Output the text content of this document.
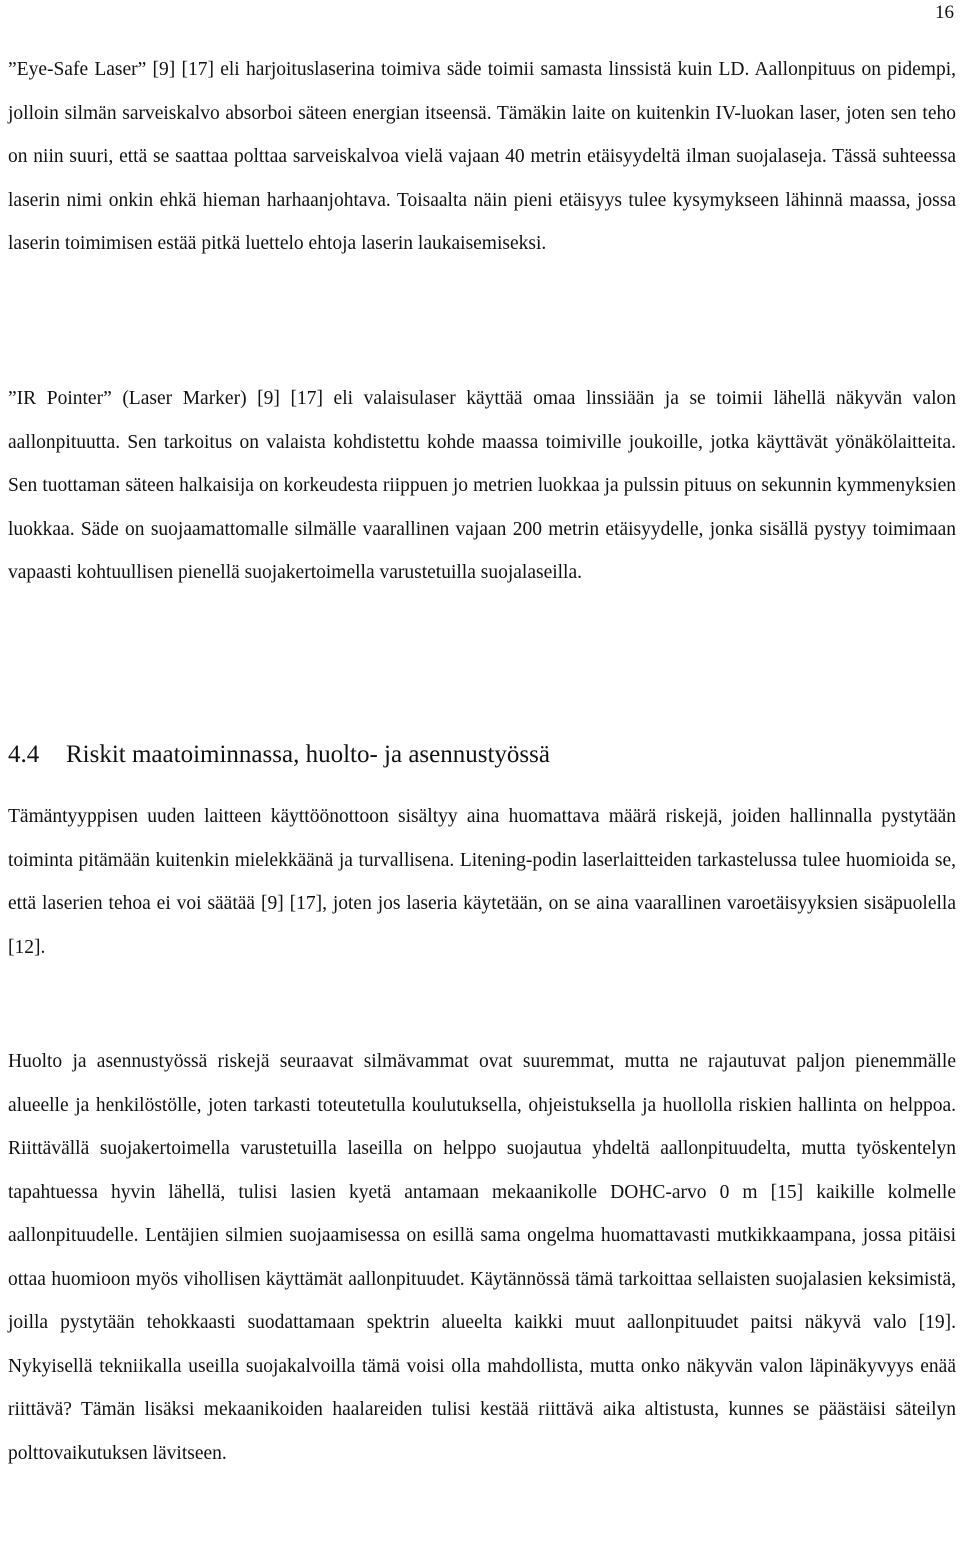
16

”Eye-Safe Laser” [9] [17] eli harjoituslaserina toimiva säde toimii samasta linssistä kuin LD. Aallonpituus on pidempi, jolloin silmän sarveiskalvo absorboi säteen energian itseensä. Tämäkin laite on kuitenkin IV-luokan laser, joten sen teho on niin suuri, että se saattaa polttaa sarveiskalvoa vielä vajaan 40 metrin etäisyydeltä ilman suojalaseja. Tässä suhteessa laserin nimi onkin ehkä hieman harhaanjohtava. Toisaalta näin pieni etäisyys tulee kysymykseen lähinnä maassa, jossa laserin toimimisen estää pitkä luettelo ehtoja laserin laukaisemiseksi.

”IR Pointer” (Laser Marker) [9] [17] eli valaisulaser käyttää omaa linssiään ja se toimii lähellä näkyvän valon aallonpituutta. Sen tarkoitus on valaista kohdistettu kohde maassa toimiville joukoille, jotka käyttävät yönäkölaitteita. Sen tuottaman säteen halkaisija on korkeudesta riippuen jo metrien luokkaa ja pulssin pituus on sekunnin kymmenyksien luokkaa. Säde on suojaamattomalle silmälle vaarallinen vajaan 200 metrin etäisyydelle, jonka sisällä pystyy toimimaan vapaasti kohtuullisen pienellä suojakertoimella varustetuilla suojalaseilla.

4.4 Riskit maatoiminnassa, huolto- ja asennustyössä

Tämäntyyppisen uuden laitteen käyttöönottoon sisältyy aina huomattava määrä riskejä, joiden hallinnalla pystytään toiminta pitämään kuitenkin mielekkäänä ja turvallisena. Litening-podin laserlaitteiden tarkastelussa tulee huomioida se, että laserien tehoa ei voi säätää [9] [17], joten jos laseria käytetään, on se aina vaarallinen varoetäisyyksien sisäpuolella [12].

Huolto ja asennustyössä riskejä seuraavat silmävammat ovat suuremmat, mutta ne rajautuvat paljon pienemmälle alueelle ja henkilöstölle, joten tarkasti toteutetulla koulutuksella, ohjeistuksella ja huollolla riskien hallinta on helppoa. Riittävällä suojakertoimella varustetuilla laseilla on helppo suojautua yhdeltä aallonpituudelta, mutta työskentelyn tapahtuessa hyvin lähellä, tulisi lasien kyetä antamaan mekaanikolle DOHC-arvo 0 m [15] kaikille kolmelle aallonpituudelle. Lentäjien silmien suojaamisessa on esillä sama ongelma huomattavasti mutkikkaampana, jossa pitäisi ottaa huomioon myös vihollisen käyttämät aallonpituudet. Käytännössä tämä tarkoittaa sellaisten suojalasien keksimistä, joilla pystytään tehokkaasti suodattamaan spektrin alueelta kaikki muut aallonpituudet paitsi näkyvä valo [19]. Nykyisellä tekniikalla useilla suojakalvoilla tämä voisi olla mahdollista, mutta onko näkyvän valon läpinäkyvyys enää riittävä? Tämän lisäksi mekaanikoiden haalareiden tulisi kestää riittävä aika altistusta, kunnes se päästäisi säteilyn polttovaikutuksen lävitseen.
